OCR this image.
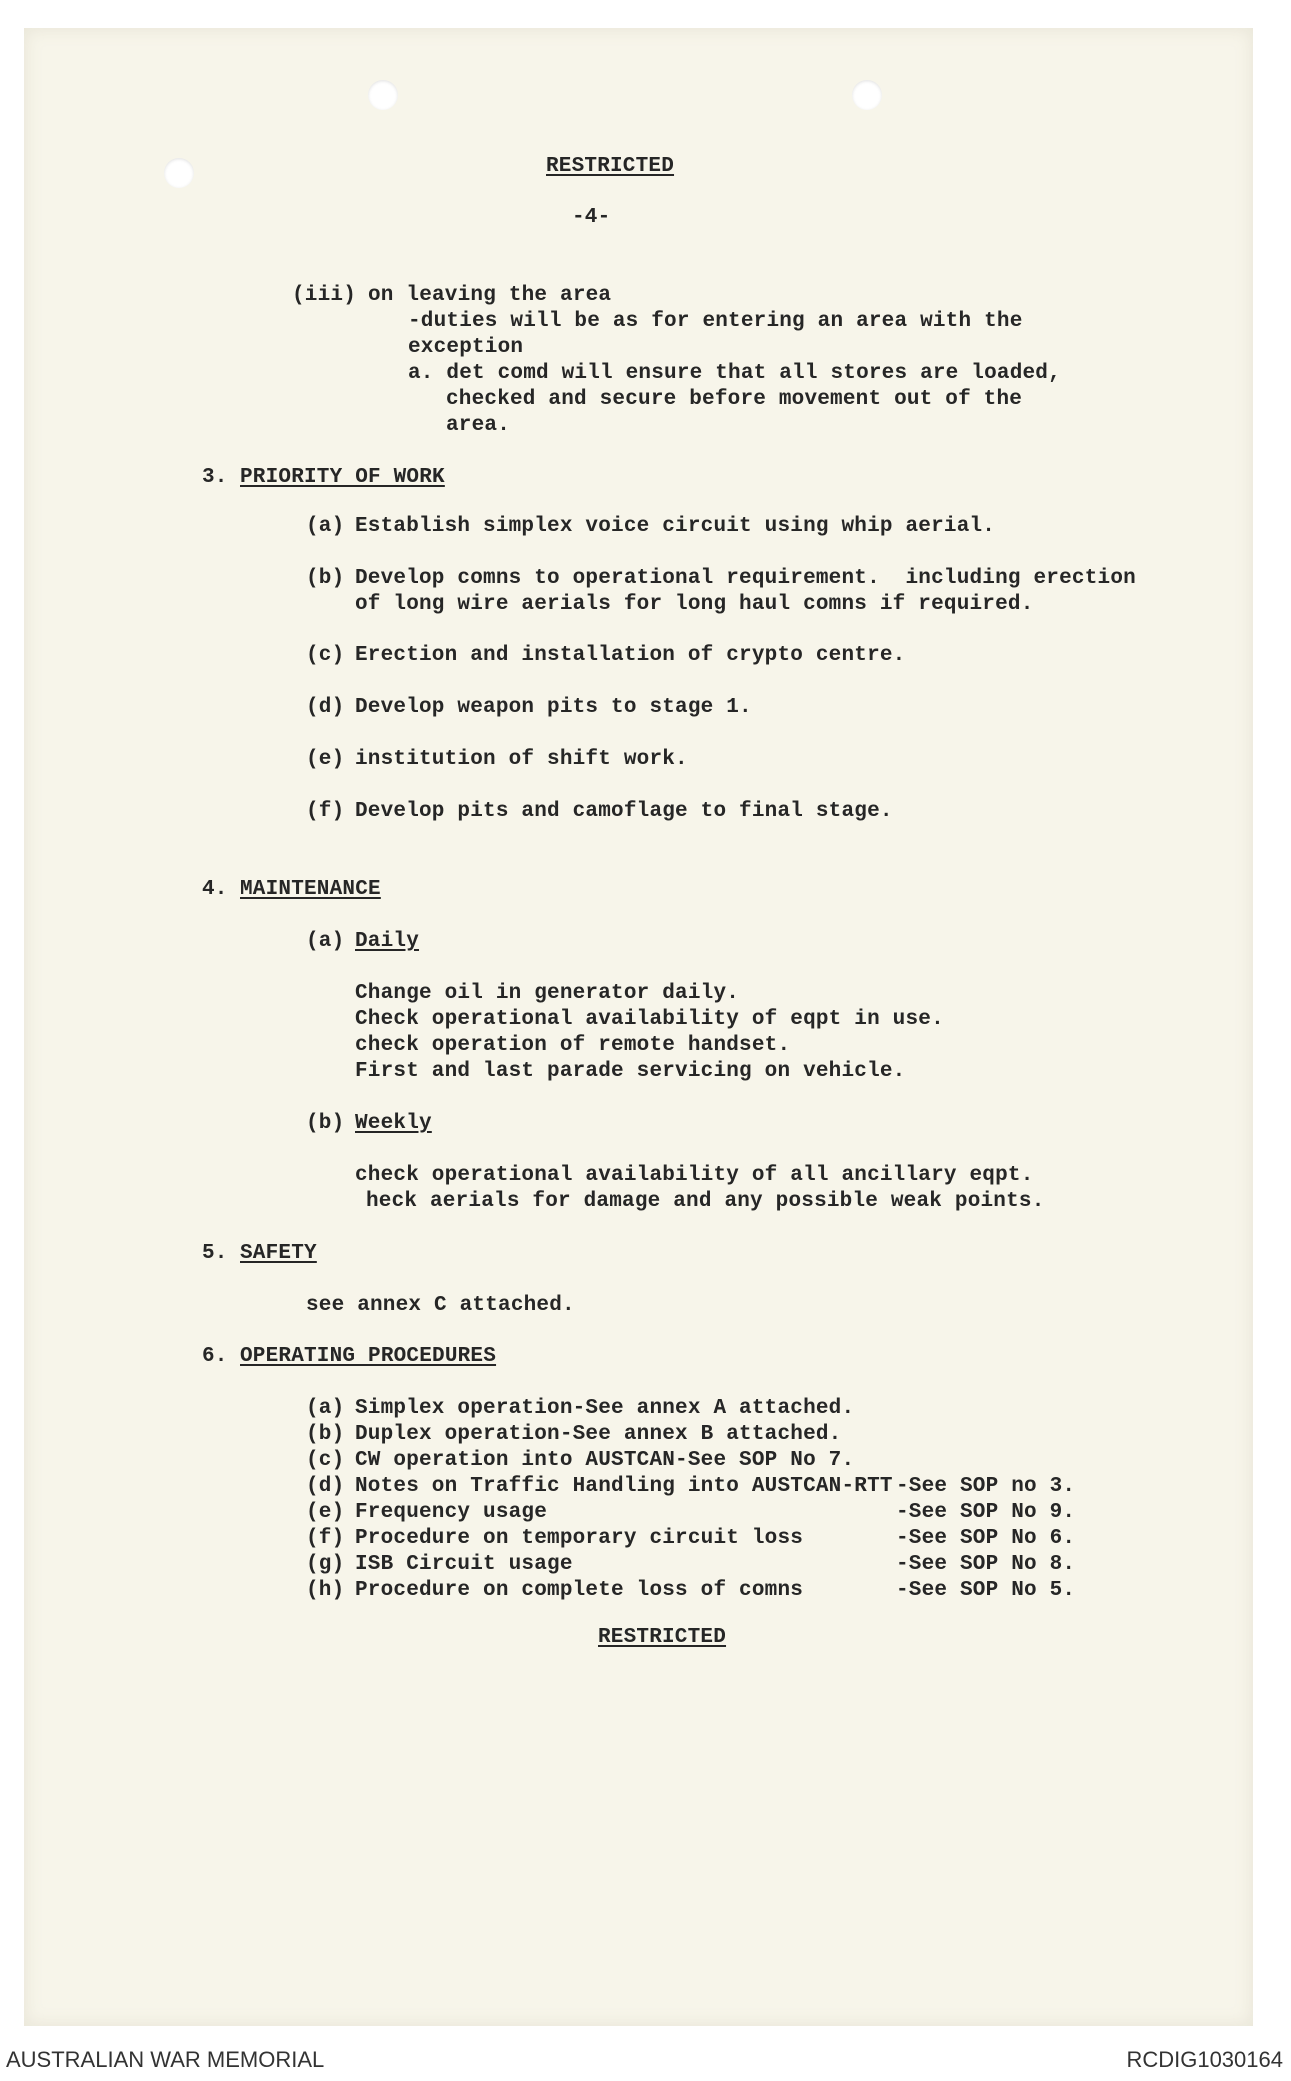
RESTRICTED

-4-

(iii) on leaving the area

-duties will be as for entering an area with the

exception

a. det comd will ensure that all stores are loaded,

checked and secure before movement out of the

area.

3. PRIORITY OF WORK

(a) Establish simplex voice circuit using whip aerial.

(b) Develop comns to operational requirement.  including erection

of long wire aerials for long haul comns if required.

(c) Erection and installation of crypto centre.

(d) Develop weapon pits to stage 1.

(e) institution of shift work.

(f) Develop pits and camoflage to final stage.

4. MAINTENANCE

(a) Daily

Change oil in generator daily.

Check operational availability of eqpt in use.

check operation of remote handset.

First and last parade servicing on vehicle.

(b) Weekly

check operational availability of all ancillary eqpt.

heck aerials for damage and any possible weak points.

5. SAFETY

see annex C attached.

6. OPERATING PROCEDURES

(a) Simplex operation-See annex A attached.

(b) Duplex operation-See annex B attached.

(c) CW operation into AUSTCAN-See SOP No 7.

(d) Notes on Traffic Handling into AUSTCAN-RTT -See SOP no 3.

(e) Frequency usage	-See SOP No 9.

(f) Procedure on temporary circuit loss	-See SOP No 6.

(g) ISB Circuit usage	-See SOP No 8.

(h) Procedure on complete loss of comns	-See SOP No 5.

RESTRICTED

AUSTRALIAN WAR MEMORIAL	RCDIG1030164
